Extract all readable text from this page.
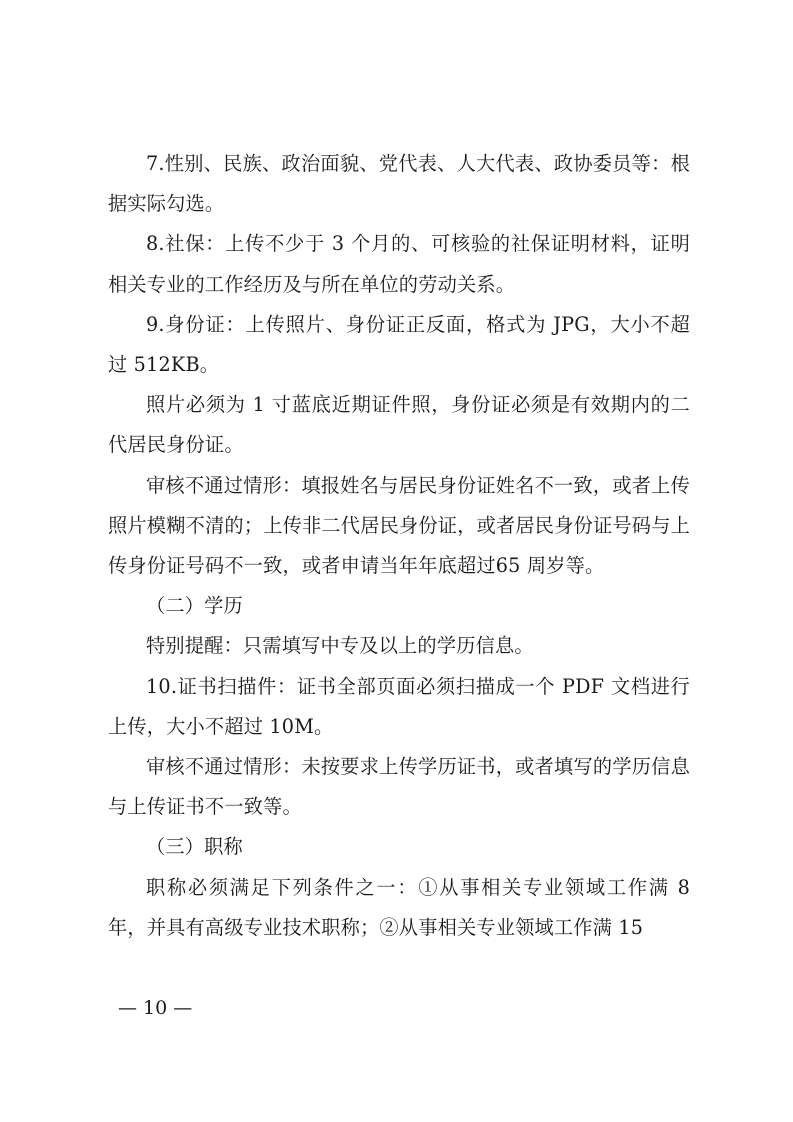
7.性别、民族、政治面貌、党代表、人大代表、政协委员等：根据实际勾选。

8.社保：上传不少于 3 个月的、可核验的社保证明材料，证明相关专业的工作经历及与所在单位的劳动关系。

9.身份证：上传照片、身份证正反面，格式为 JPG，大小不超过 512KB。

照片必须为 1 寸蓝底近期证件照，身份证必须是有效期内的二代居民身份证。

审核不通过情形：填报姓名与居民身份证姓名不一致，或者上传照片模糊不清的；上传非二代居民身份证，或者居民身份证号码与上传身份证号码不一致，或者申请当年年底超过65 周岁等。

（二）学历

特别提醒：只需填写中专及以上的学历信息。

10.证书扫描件：证书全部页面必须扫描成一个 PDF 文档进行上传，大小不超过 10M。

审核不通过情形：未按要求上传学历证书，或者填写的学历信息与上传证书不一致等。

（三）职称

职称必须满足下列条件之一：①从事相关专业领域工作满 8 年，并具有高级专业技术职称；②从事相关专业领域工作满 15

— 10 —
